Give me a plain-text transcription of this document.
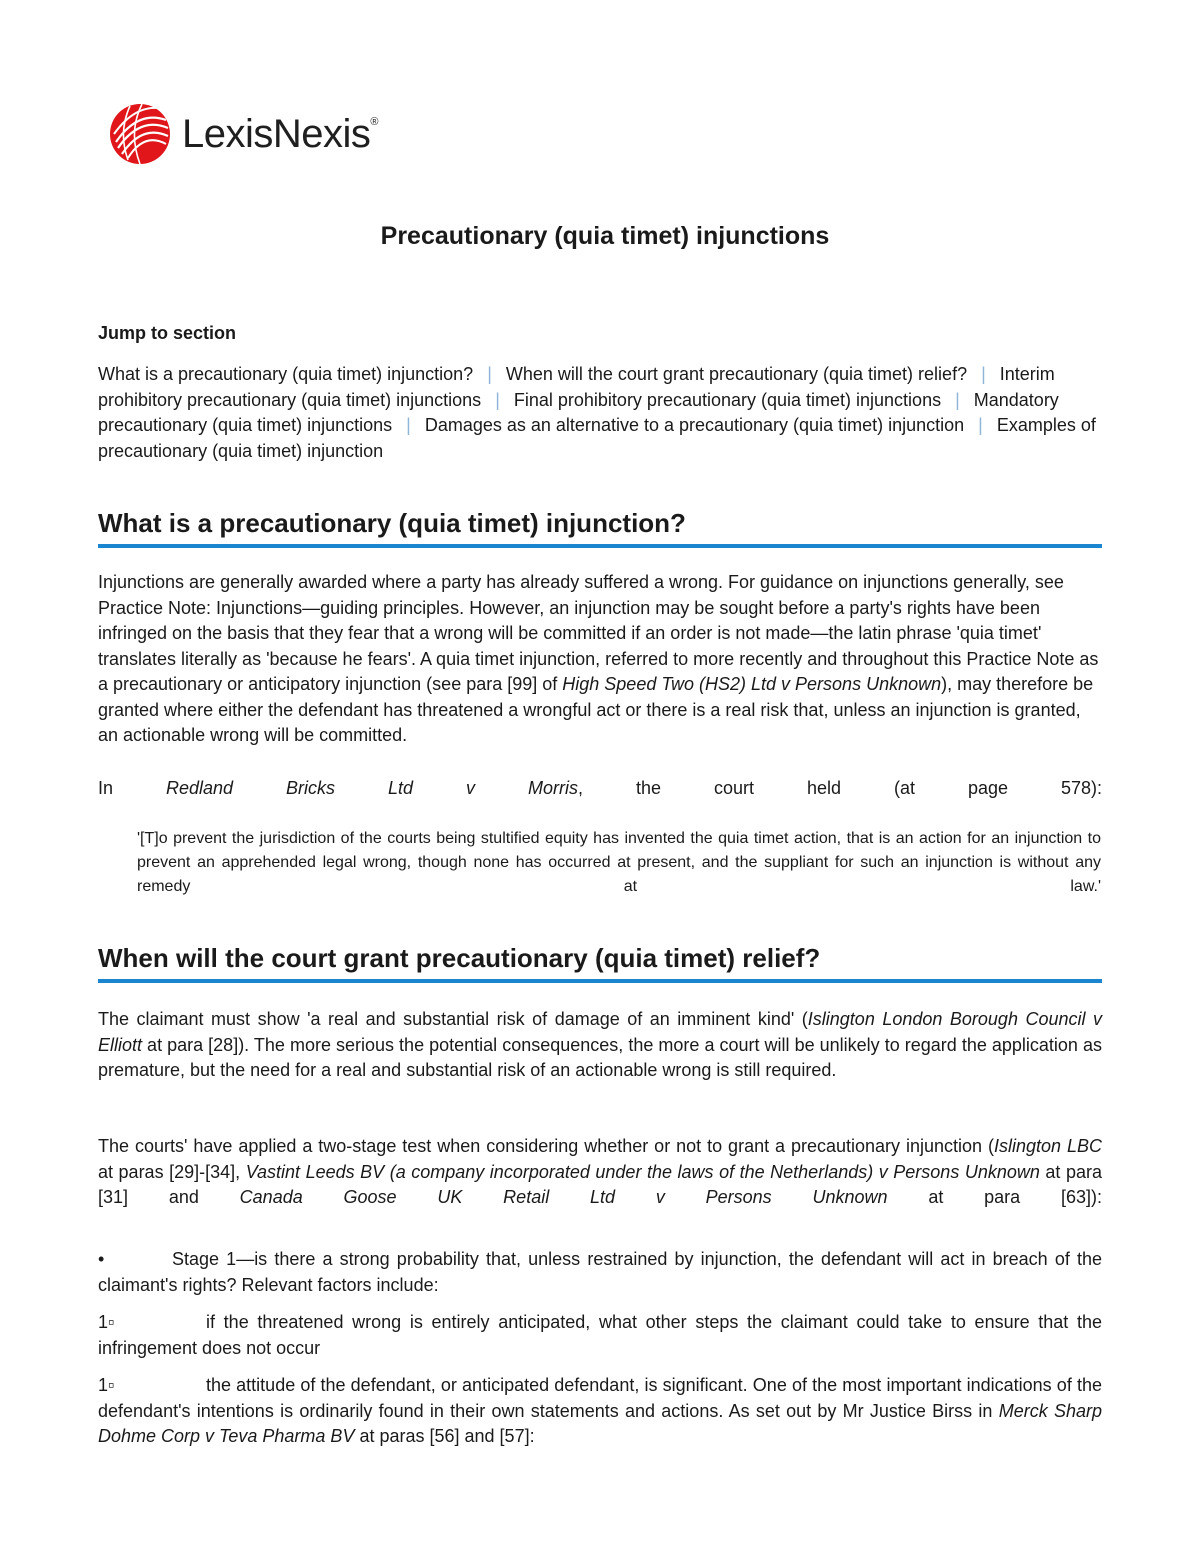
LexisNexis®
Precautionary (quia timet) injunctions

Jump to section

What is a precautionary (quia timet) injunction? | When will the court grant precautionary (quia timet) relief? | Interim prohibitory precautionary (quia timet) injunctions | Final prohibitory precautionary (quia timet) injunctions | Mandatory precautionary (quia timet) injunctions | Damages as an alternative to a precautionary (quia timet) injunction | Examples of precautionary (quia timet) injunction

What is a precautionary (quia timet) injunction?

Injunctions are generally awarded where a party has already suffered a wrong. For guidance on injunctions generally, see Practice Note: Injunctions—guiding principles. However, an injunction may be sought before a party's rights have been infringed on the basis that they fear that a wrong will be committed if an order is not made—the latin phrase 'quia timet' translates literally as 'because he fears'. A quia timet injunction, referred to more recently and throughout this Practice Note as a precautionary or anticipatory injunction (see para [99] of High Speed Two (HS2) Ltd v Persons Unknown), may therefore be granted where either the defendant has threatened a wrongful act or there is a real risk that, unless an injunction is granted, an actionable wrong will be committed.

In Redland Bricks Ltd v Morris, the court held (at page 578):

'[T]o prevent the jurisdiction of the courts being stultified equity has invented the quia timet action, that is an action for an injunction to prevent an apprehended legal wrong, though none has occurred at present, and the suppliant for such an injunction is without any remedy at law.'

When will the court grant precautionary (quia timet) relief?

The claimant must show 'a real and substantial risk of damage of an imminent kind' (Islington London Borough Council v Elliott at para [28]). The more serious the potential consequences, the more a court will be unlikely to regard the application as premature, but the need for a real and substantial risk of an actionable wrong is still required.

The courts' have applied a two-stage test when considering whether or not to grant a precautionary injunction (Islington LBC at paras [29]-[34], Vastint Leeds BV (a company incorporated under the laws of the Netherlands) v Persons Unknown at para [31] and Canada Goose UK Retail Ltd v Persons Unknown at para [63]):

•	Stage 1—is there a strong probability that, unless restrained by injunction, the defendant will act in breach of the claimant's rights? Relevant factors include:

1▫	if the threatened wrong is entirely anticipated, what other steps the claimant could take to ensure that the infringement does not occur

1▫	the attitude of the defendant, or anticipated defendant, is significant. One of the most important indications of the defendant's intentions is ordinarily found in their own statements and actions. As set out by Mr Justice Birss in Merck Sharp Dohme Corp v Teva Pharma BV at paras [56] and [57]:
